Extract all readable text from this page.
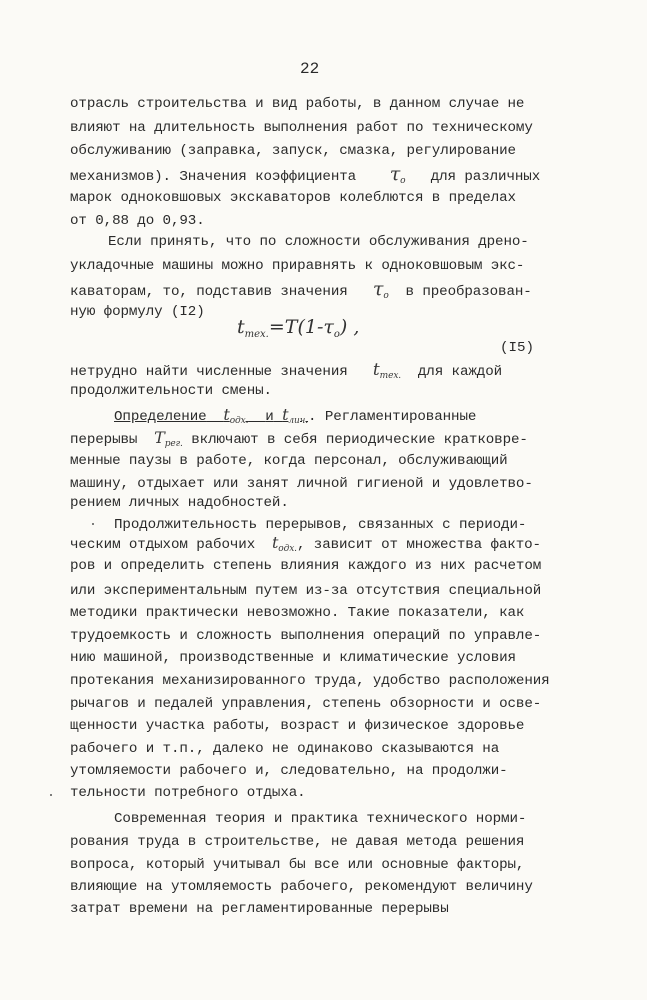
22
отрасль строительства и вид работы, в данном случае не
влияют на длительность выполнения работ по техническому
обслуживанию (заправка, запуск, смазка, регулирование
механизмов). Значения коэффициента $\tau_o$ для различных
марок одноковшовых экскаваторов колеблются в пределах
от 0,88 до 0,93.
Если принять, что по сложности обслуживания дрено-
укладочные машины можно приравнять к одноковшовым экс-
каваторам, то, подставив значения $\tau_o$ в преобразован-
ную формулу (I2)
$t_{тех.}=T(1-\tau_o)$ ,
(I5)
нетрудно найти численные значения $t_{тех.}$ для каждой
продолжительности смены.
Определение $t_{одх.}$ и $t_{лич.}$. Регламентированные
перерывы $T_{рег.}$ включают в себя периодические кратковре-
менные паузы в работе, когда персонал, обслуживающий
машину, отдыхает или занят личной гигиеной и удовлетво-
рением личных надобностей.
Продолжительность перерывов, связанных с периоди-
ческим отдыхом рабочих $t_{одх.}$, зависит от множества факто-
ров и определить степень влияния каждого из них расчетом
или экспериментальным путем из-за отсутствия специальной
методики практически невозможно. Такие показатели, как
трудоемкость и сложность выполнения операций по управле-
нию машиной, производственные и климатические условия
протекания механизированного труда, удобство расположения
рычагов и педалей управления, степень обзорности и осве-
щенности участка работы, возраст и физическое здоровье
рабочего и т.п., далеко не одинаково сказываются на
утомляемости рабочего и, следовательно, на продолжи-
тельности потребного отдыха.
Современная теория и практика технического норми-
рования труда в строительстве, не давая метода решения
вопроса, который учитывал бы все или основные факторы,
влияющие на утомляемость рабочего, рекомендуют величину
затрат времени на регламентированные перерывы
